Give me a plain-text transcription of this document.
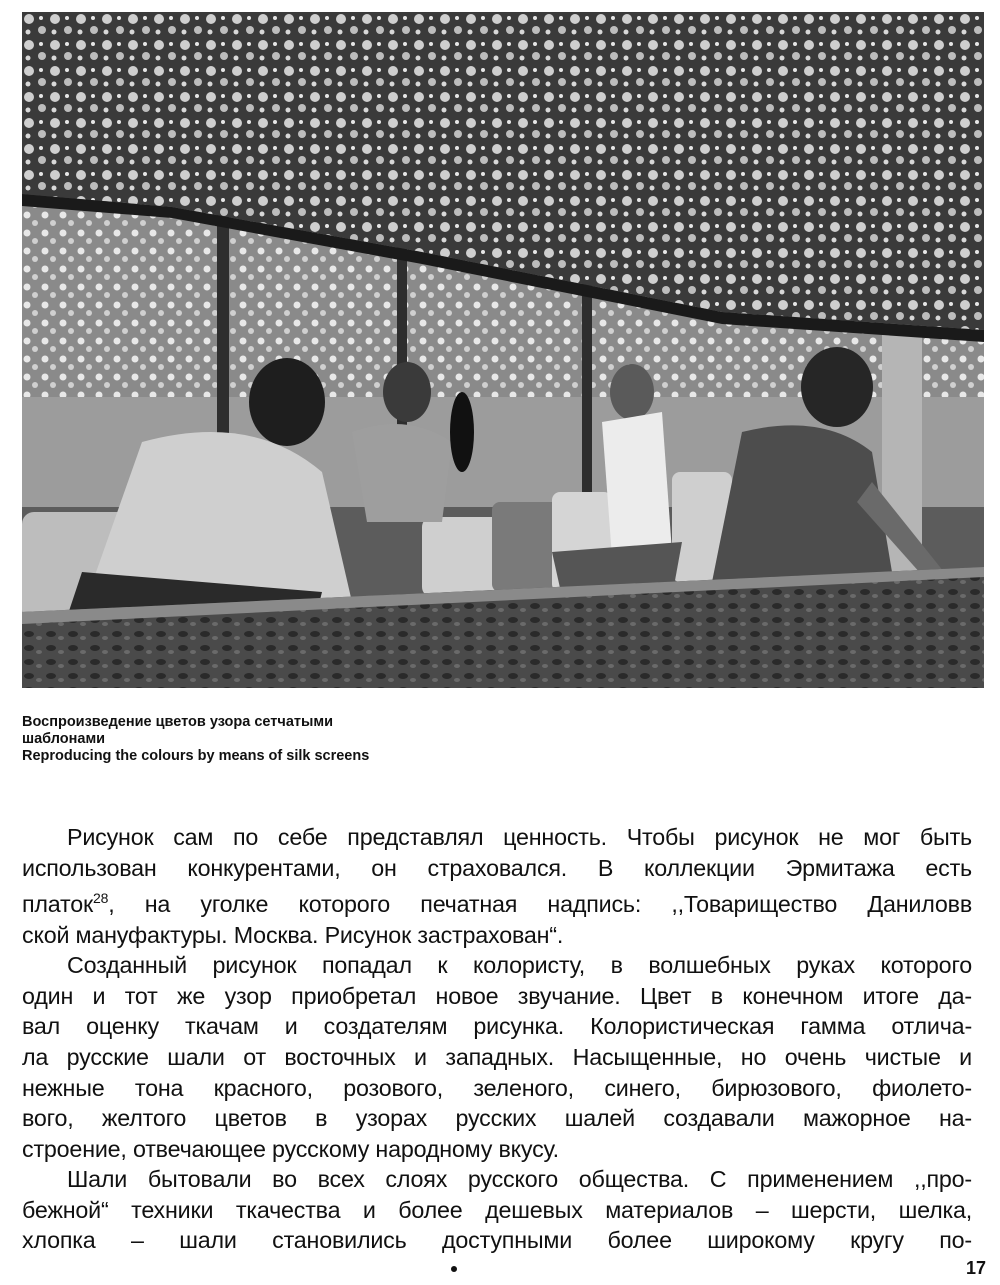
Воспроизведение цветов узора сетчатыми
шаблонами
Reproducing the colours by means of silk screens
Рисунок сам по себе представлял ценность. Чтобы рисунок не мог быть
использован конкурентами, он страховался. В коллекции Эрмитажа есть
платок$^{28}$, на уголке которого печатная надпись: ,,Товарищество Даниловв
ской мануфактуры. Москва. Рисунок застрахован“.
Созданный рисунок попадал к колористу, в волшебных руках которого
один и тот же узор приобретал новое звучание. Цвет в конечном итоге да-
вал оценку ткачам и создателям рисунка. Колористическая гамма отлича-
ла русские шали от восточных и западных. Насыщенные, но очень чистые и
нежные тона красного, розового, зеленого, синего, бирюзового, фиолето-
вого, желтого цветов в узорах русских шалей создавали мажорное на-
строение, отвечающее русскому народному вкусу.
Шали бытовали во всех слоях русского общества. С применением ,,про-
бежной“ техники ткачества и более дешевых материалов – шерсти, шелка,
хлопка – шали становились доступными более широкому кругу по-
17
